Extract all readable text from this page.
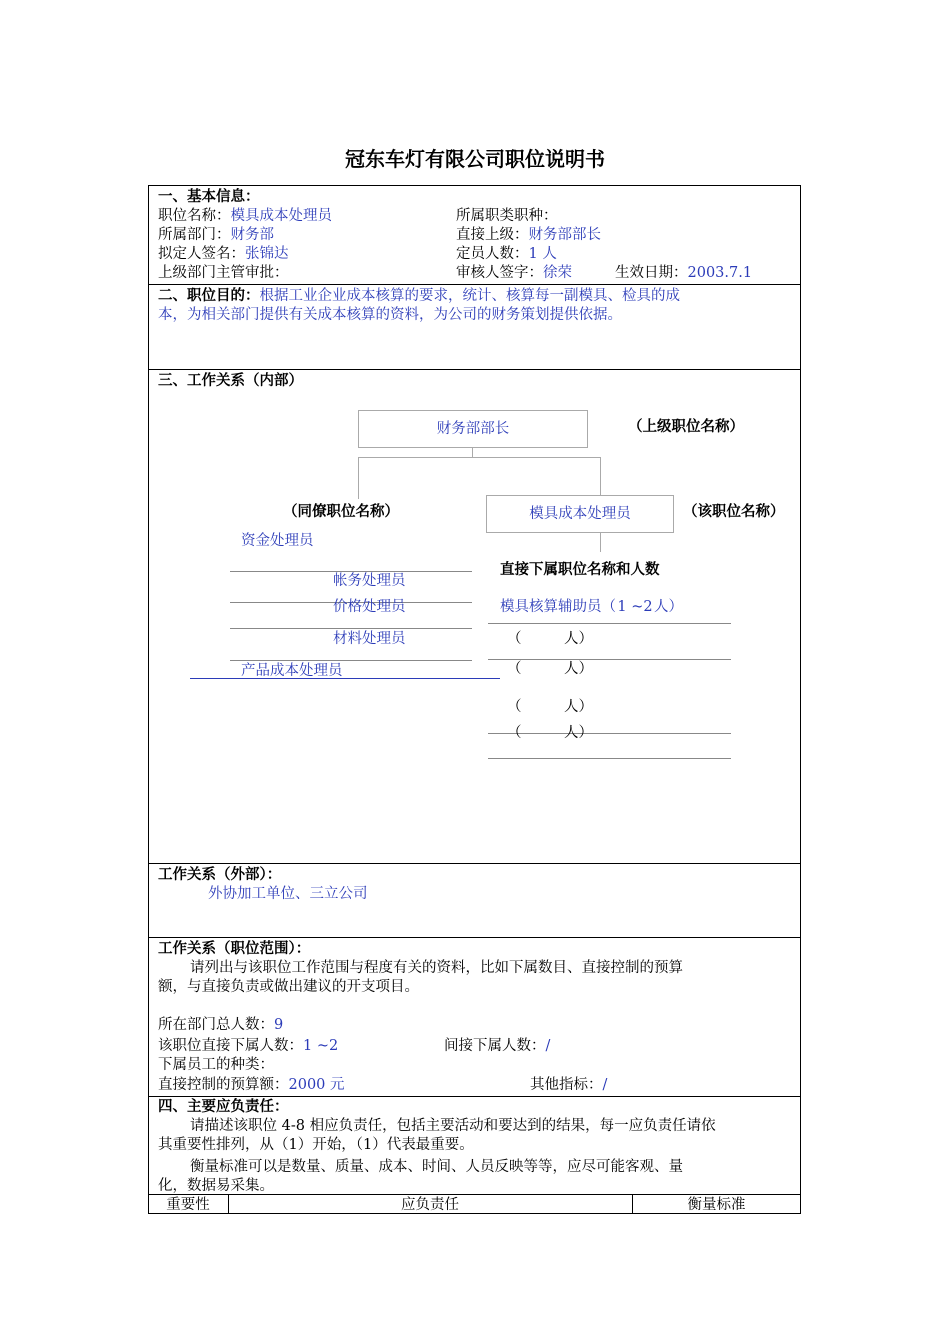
冠东车灯有限公司职位说明书
一、基本信息：
职位名称：模具成本处理员	所属职类职种：
所属部门：财务部	直接上级：财务部部长
拟定人签名：张锦达	定员人数：1 人
上级部门主管审批：	审核人签字：徐荣	生效日期：2003.7.1
二、职位目的：根据工业企业成本核算的要求，统计、核算每一副模具、检具的成
本，为相关部门提供有关成本核算的资料，为公司的财务策划提供依据。
三、工作关系（内部）
财务部部长	（上级职位名称）
（同僚职位名称）	模具成本处理员	（该职位名称）
资金处理员
帐务处理员
价格处理员
材料处理员
产品成本处理员
直接下属职位名称和人数
模具核算辅助员（1 ~2人）
（	人）
（	人）
（	人）
（	人）
工作关系（外部）：
外协加工单位、三立公司
工作关系（职位范围）：
请列出与该职位工作范围与程度有关的资料，比如下属数目、直接控制的预算
额，与直接负责或做出建议的开支项目。
所在部门总人数：9
该职位直接下属人数：1 ~2	间接下属人数：/
下属员工的种类：
直接控制的预算额：2000 元	其他指标：/
四、主要应负责任：
请描述该职位 4-8 相应负责任，包括主要活动和要达到的结果，每一应负责任请依
其重要性排列，从（1）开始，（1）代表最重要。
衡量标准可以是数量、质量、成本、时间、人员反映等等，应尽可能客观、量
化，数据易采集。
重要性	应负责任	衡量标准
